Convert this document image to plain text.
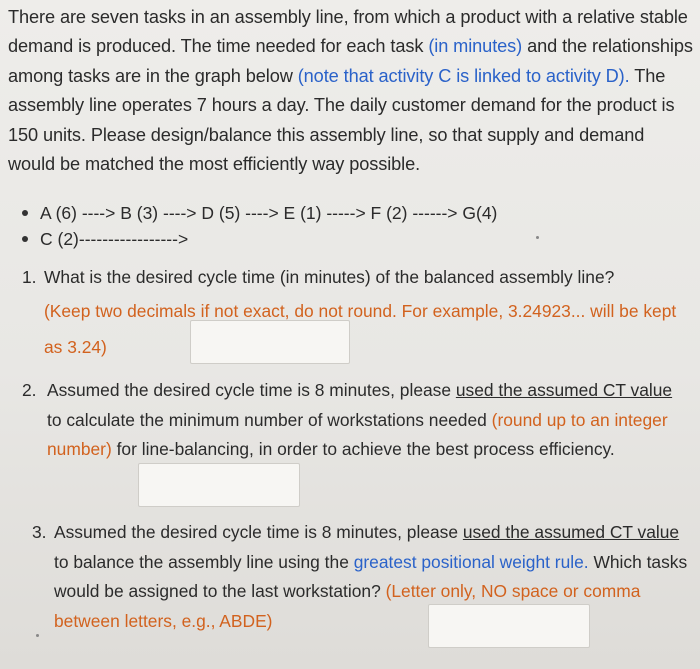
There are seven tasks in an assembly line, from which a product with a relative stable demand is produced. The time needed for each task (in minutes) and the relationships among tasks are in the graph below (note that activity C is linked to activity D). The assembly line operates 7 hours a day. The daily customer demand for the product is 150 units. Please design/balance this assembly line, so that supply and demand would be matched the most efficiently way possible.
A (6) ----> B (3) ----> D (5) ----> E (1) -----> F (2) ------> G(4)
C (2)----------------->
1. What is the desired cycle time (in minutes) of the balanced assembly line?
(Keep two decimals if not exact, do not round. For example, 3.24923... will be kept as 3.24)
2. Assumed the desired cycle time is 8 minutes, please used the assumed CT value to calculate the minimum number of workstations needed (round up to an integer number) for line-balancing, in order to achieve the best process efficiency.
3. Assumed the desired cycle time is 8 minutes, please used the assumed CT value to balance the assembly line using the greatest positional weight rule. Which tasks would be assigned to the last workstation? (Letter only, NO space or comma between letters, e.g., ABDE)
